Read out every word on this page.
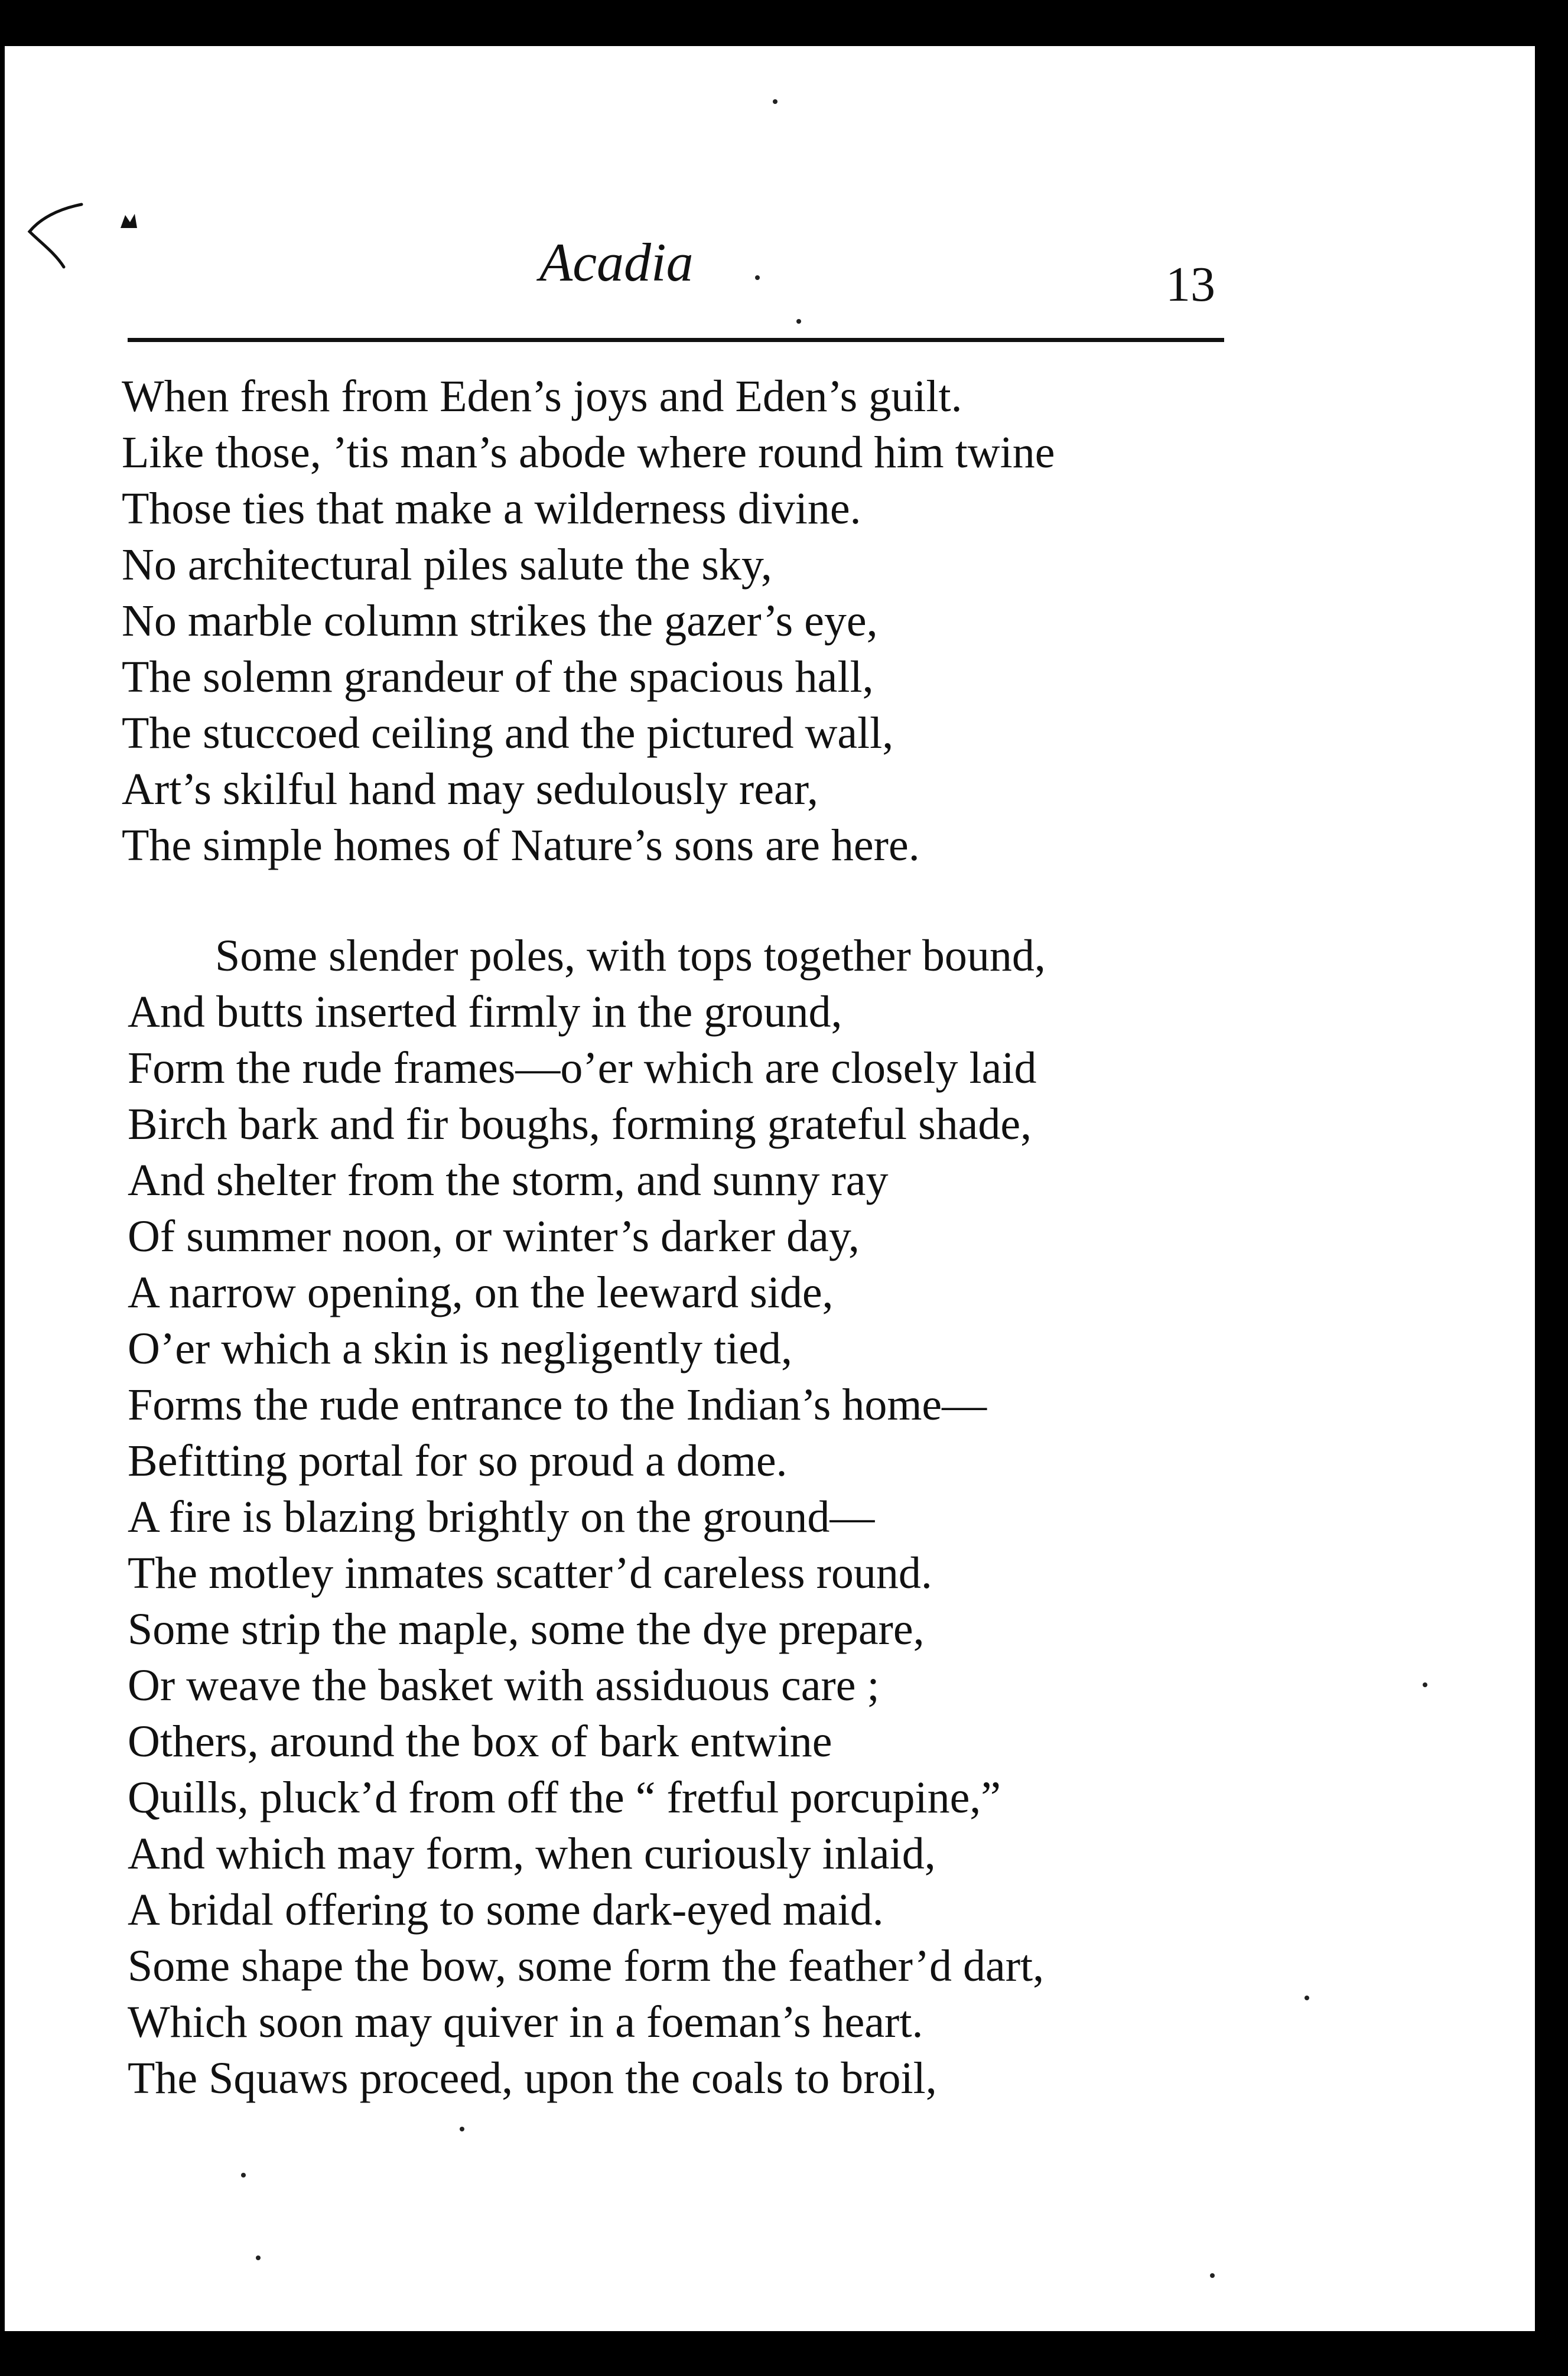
Acadia	13
When fresh from Eden’s joys and Eden’s guilt.
Like those, ’tis man’s abode where round him twine
Those ties that make a wilderness divine.
No architectural piles salute the sky,
No marble column strikes the gazer’s eye,
The solemn grandeur of the spacious hall,
The stuccoed ceiling and the pictured wall,
Art’s skilful hand may sedulously rear,
The simple homes of Nature’s sons are here.
Some slender poles, with tops together bound,
And butts inserted firmly in the ground,
Form the rude frames—o’er which are closely laid
Birch bark and fir boughs, forming grateful shade,
And shelter from the storm, and sunny ray
Of summer noon, or winter’s darker day,
A narrow opening, on the leeward side,
O’er which a skin is negligently tied,
Forms the rude entrance to the Indian’s home—
Befitting portal for so proud a dome.
A fire is blazing brightly on the ground—
The motley inmates scatter’d careless round.
Some strip the maple, some the dye prepare,
Or weave the basket with assiduous care ;
Others, around the box of bark entwine
Quills, pluck’d from off the “ fretful porcupine,”
And which may form, when curiously inlaid,
A bridal offering to some dark-eyed maid.
Some shape the bow, some form the feather’d dart,
Which soon may quiver in a foeman’s heart.
The Squaws proceed, upon the coals to broil,
